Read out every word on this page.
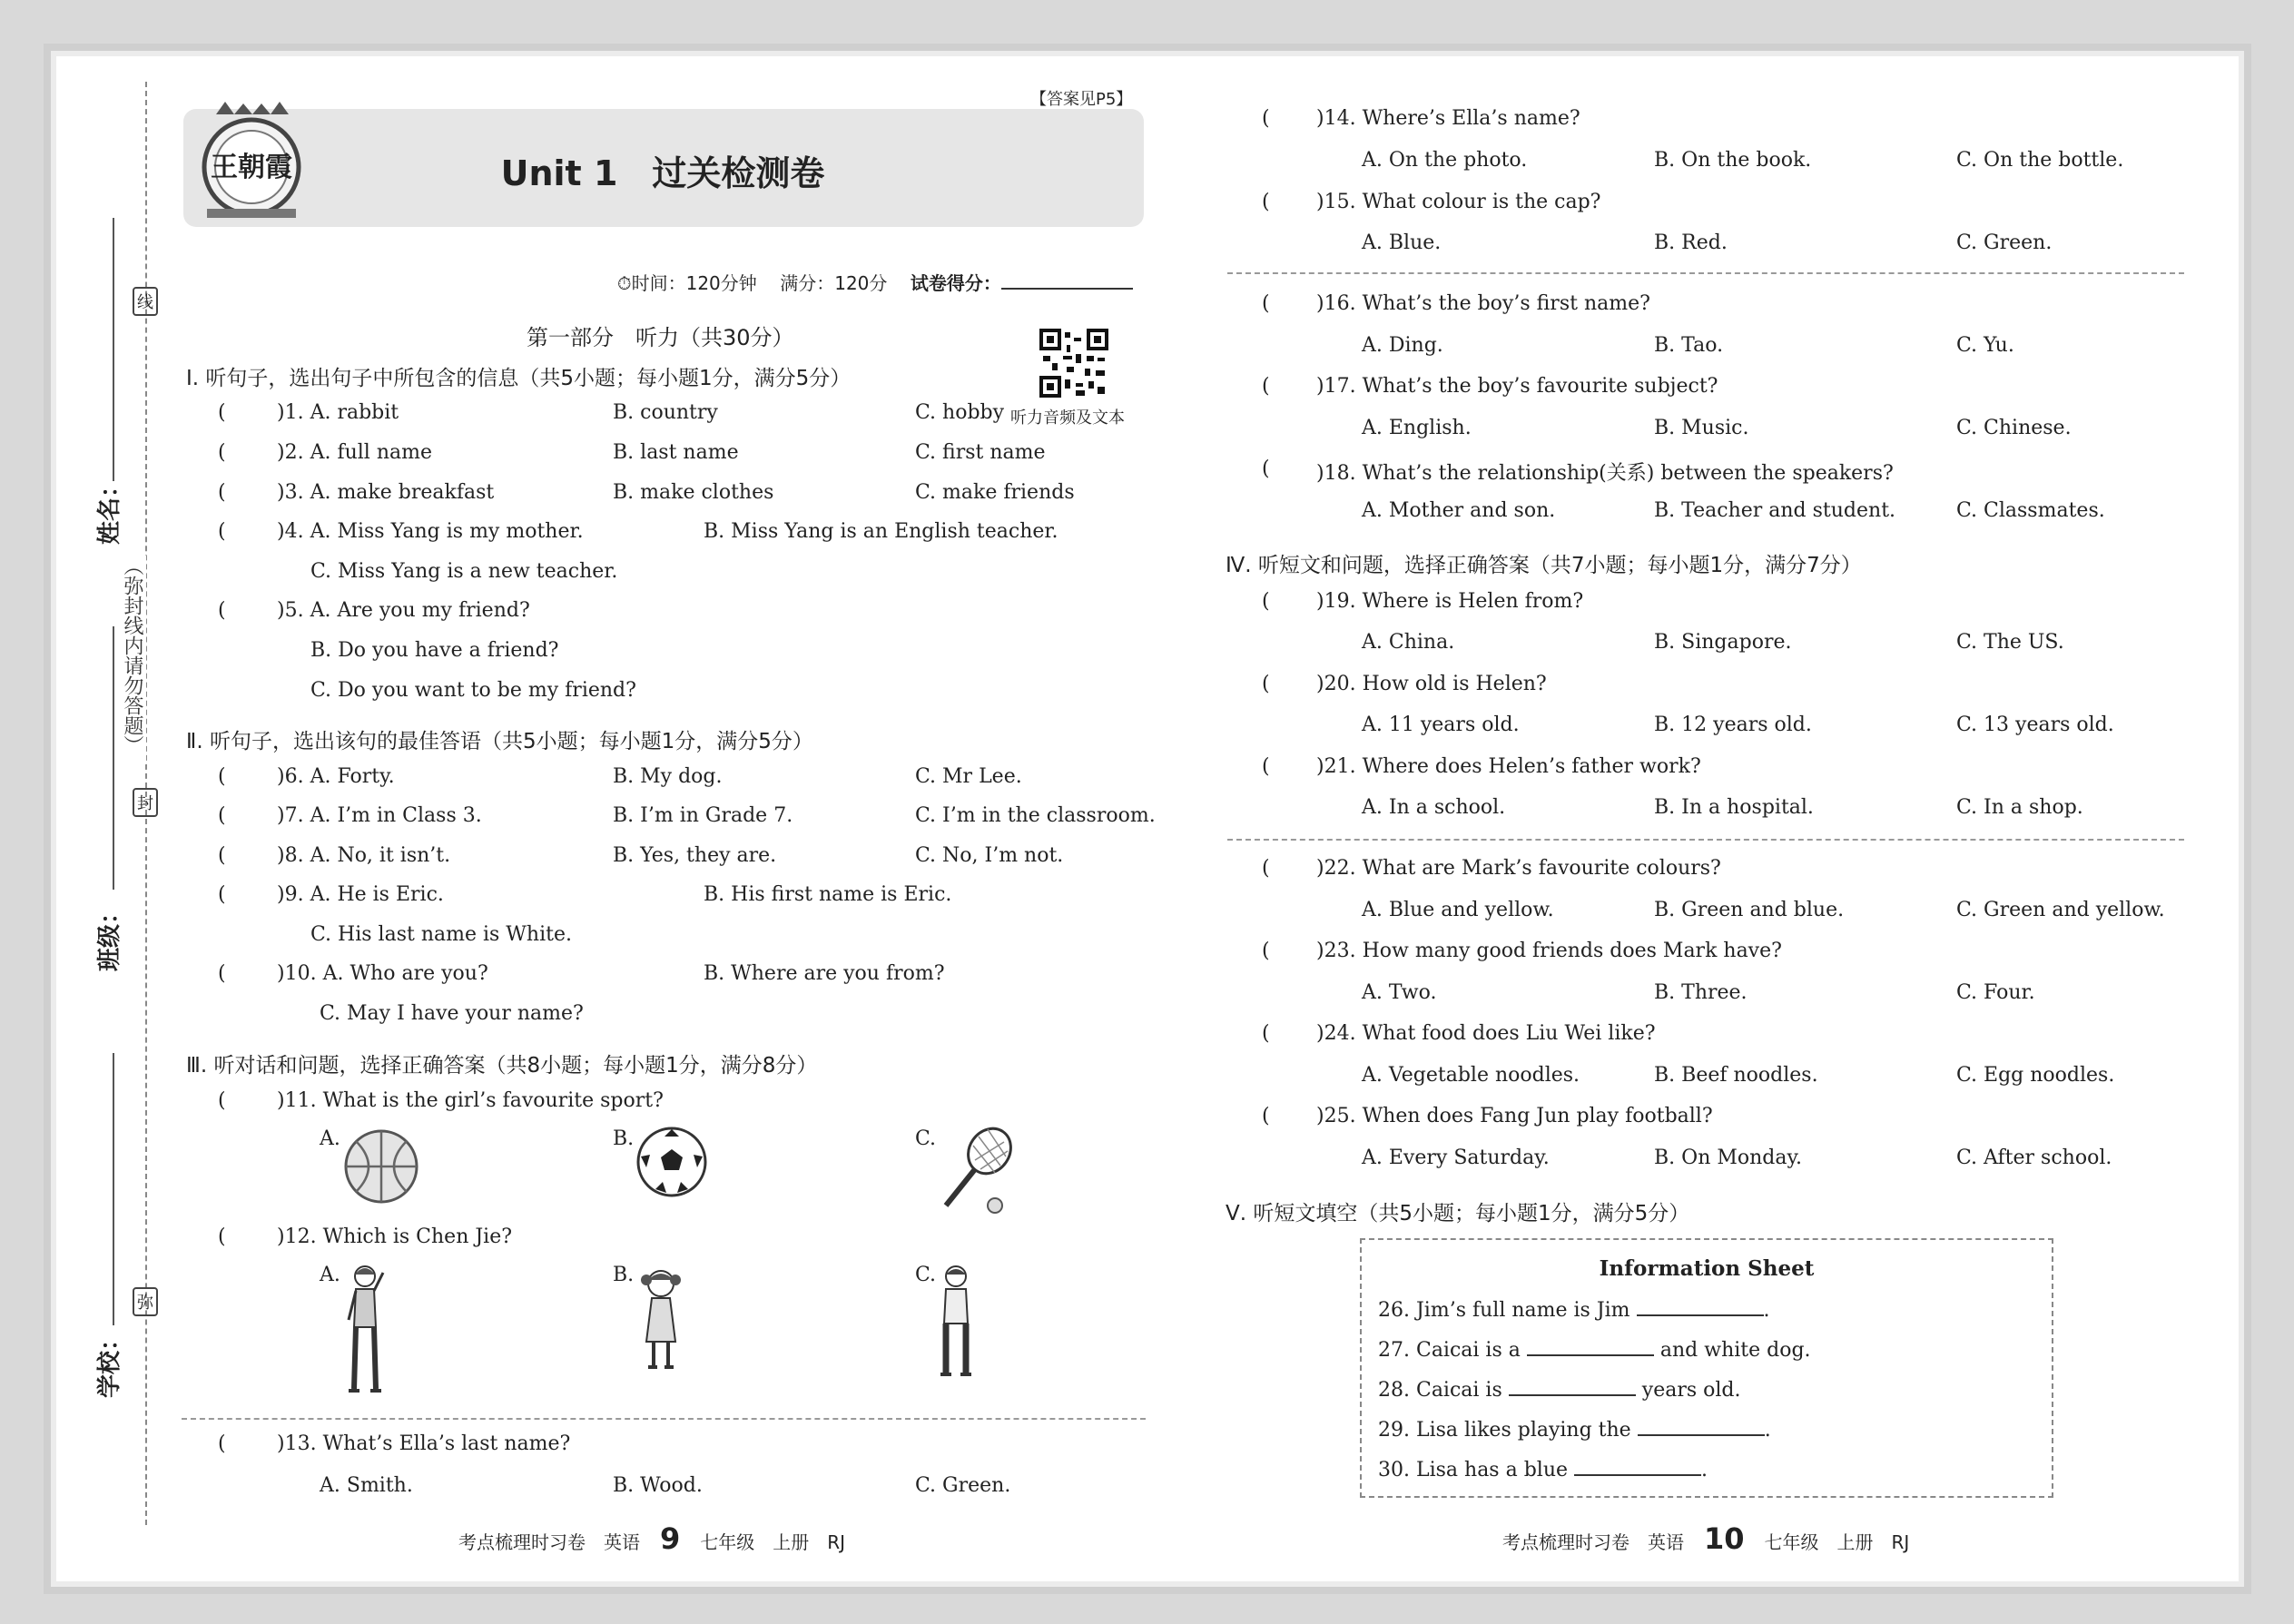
线
封
弥
（弥封线内请勿答题）
学校：
班级：
姓名：
【答案见P5】
王朝霞	Unit 1　过关检测卷
⏱时间：120分钟 满分：120分 试卷得分：
第一部分　听力（共30分）
听力音频及文本
Ⅰ. 听句子，选出句子中所包含的信息（共5小题；每小题1分，满分5分）
(	)1. A. rabbit	B. country	C. hobby
(	)2. A. full name	B. last name	C. first name
(	)3. A. make breakfast	B. make clothes	C. make friends
(	)4. A. Miss Yang is my mother.	B. Miss Yang is an English teacher.
C. Miss Yang is a new teacher.
(	)5. A. Are you my friend?
B. Do you have a friend?
C. Do you want to be my friend?
Ⅱ. 听句子，选出该句的最佳答语（共5小题；每小题1分，满分5分）
(	)6. A. Forty.	B. My dog.	C. Mr Lee.
(	)7. A. I’m in Class 3.	B. I’m in Grade 7.	C. I’m in the classroom.
(	)8. A. No, it isn’t.	B. Yes, they are.	C. No, I’m not.
(	)9. A. He is Eric.	B. His first name is Eric.
C. His last name is White.
(	)10. A. Who are you?	B. Where are you from?
C. May I have your name?
Ⅲ. 听对话和问题，选择正确答案（共8小题；每小题1分，满分8分）
(	)11. What is the girl’s favourite sport?
A.	B.	C.
(	)12. Which is Chen Jie?
A.	B.	C.
(	)13. What’s Ella’s last name?
A. Smith.	B. Wood.	C. Green.
考点梳理时习卷　英语 9 七年级　上册　RJ
( )14. Where’s Ella’s name?
A. On the photo.	B. On the book.	C. On the bottle.
( )15. What colour is the cap?
A. Blue.	B. Red.	C. Green.
( )16. What’s the boy’s first name?
A. Ding.	B. Tao.	C. Yu.
( )17. What’s the boy’s favourite subject?
A. English.	B. Music.	C. Chinese.
( )18. What’s the relationship(关系) between the speakers?
A. Mother and son.	B. Teacher and student.	C. Classmates.
Ⅳ. 听短文和问题，选择正确答案（共7小题；每小题1分，满分7分）
( )19. Where is Helen from?
A. China.	B. Singapore.	C. The US.
( )20. How old is Helen?
A. 11 years old.	B. 12 years old.	C. 13 years old.
( )21. Where does Helen’s father work?
A. In a school.	B. In a hospital.	C. In a shop.
( )22. What are Mark’s favourite colours?
A. Blue and yellow.	B. Green and blue.	C. Green and yellow.
( )23. How many good friends does Mark have?
A. Two.	B. Three.	C. Four.
( )24. What food does Liu Wei like?
A. Vegetable noodles.	B. Beef noodles.	C. Egg noodles.
( )25. When does Fang Jun play football?
A. Every Saturday.	B. On Monday.	C. After school.
Ⅴ. 听短文填空（共5小题；每小题1分，满分5分）
Information Sheet
26. Jim’s full name is Jim	.
27. Caicai is a	and white dog.
28. Caicai is	years old.
29. Lisa likes playing the	.
30. Lisa has a blue	.
考点梳理时习卷　英语 10 七年级　上册　RJ
